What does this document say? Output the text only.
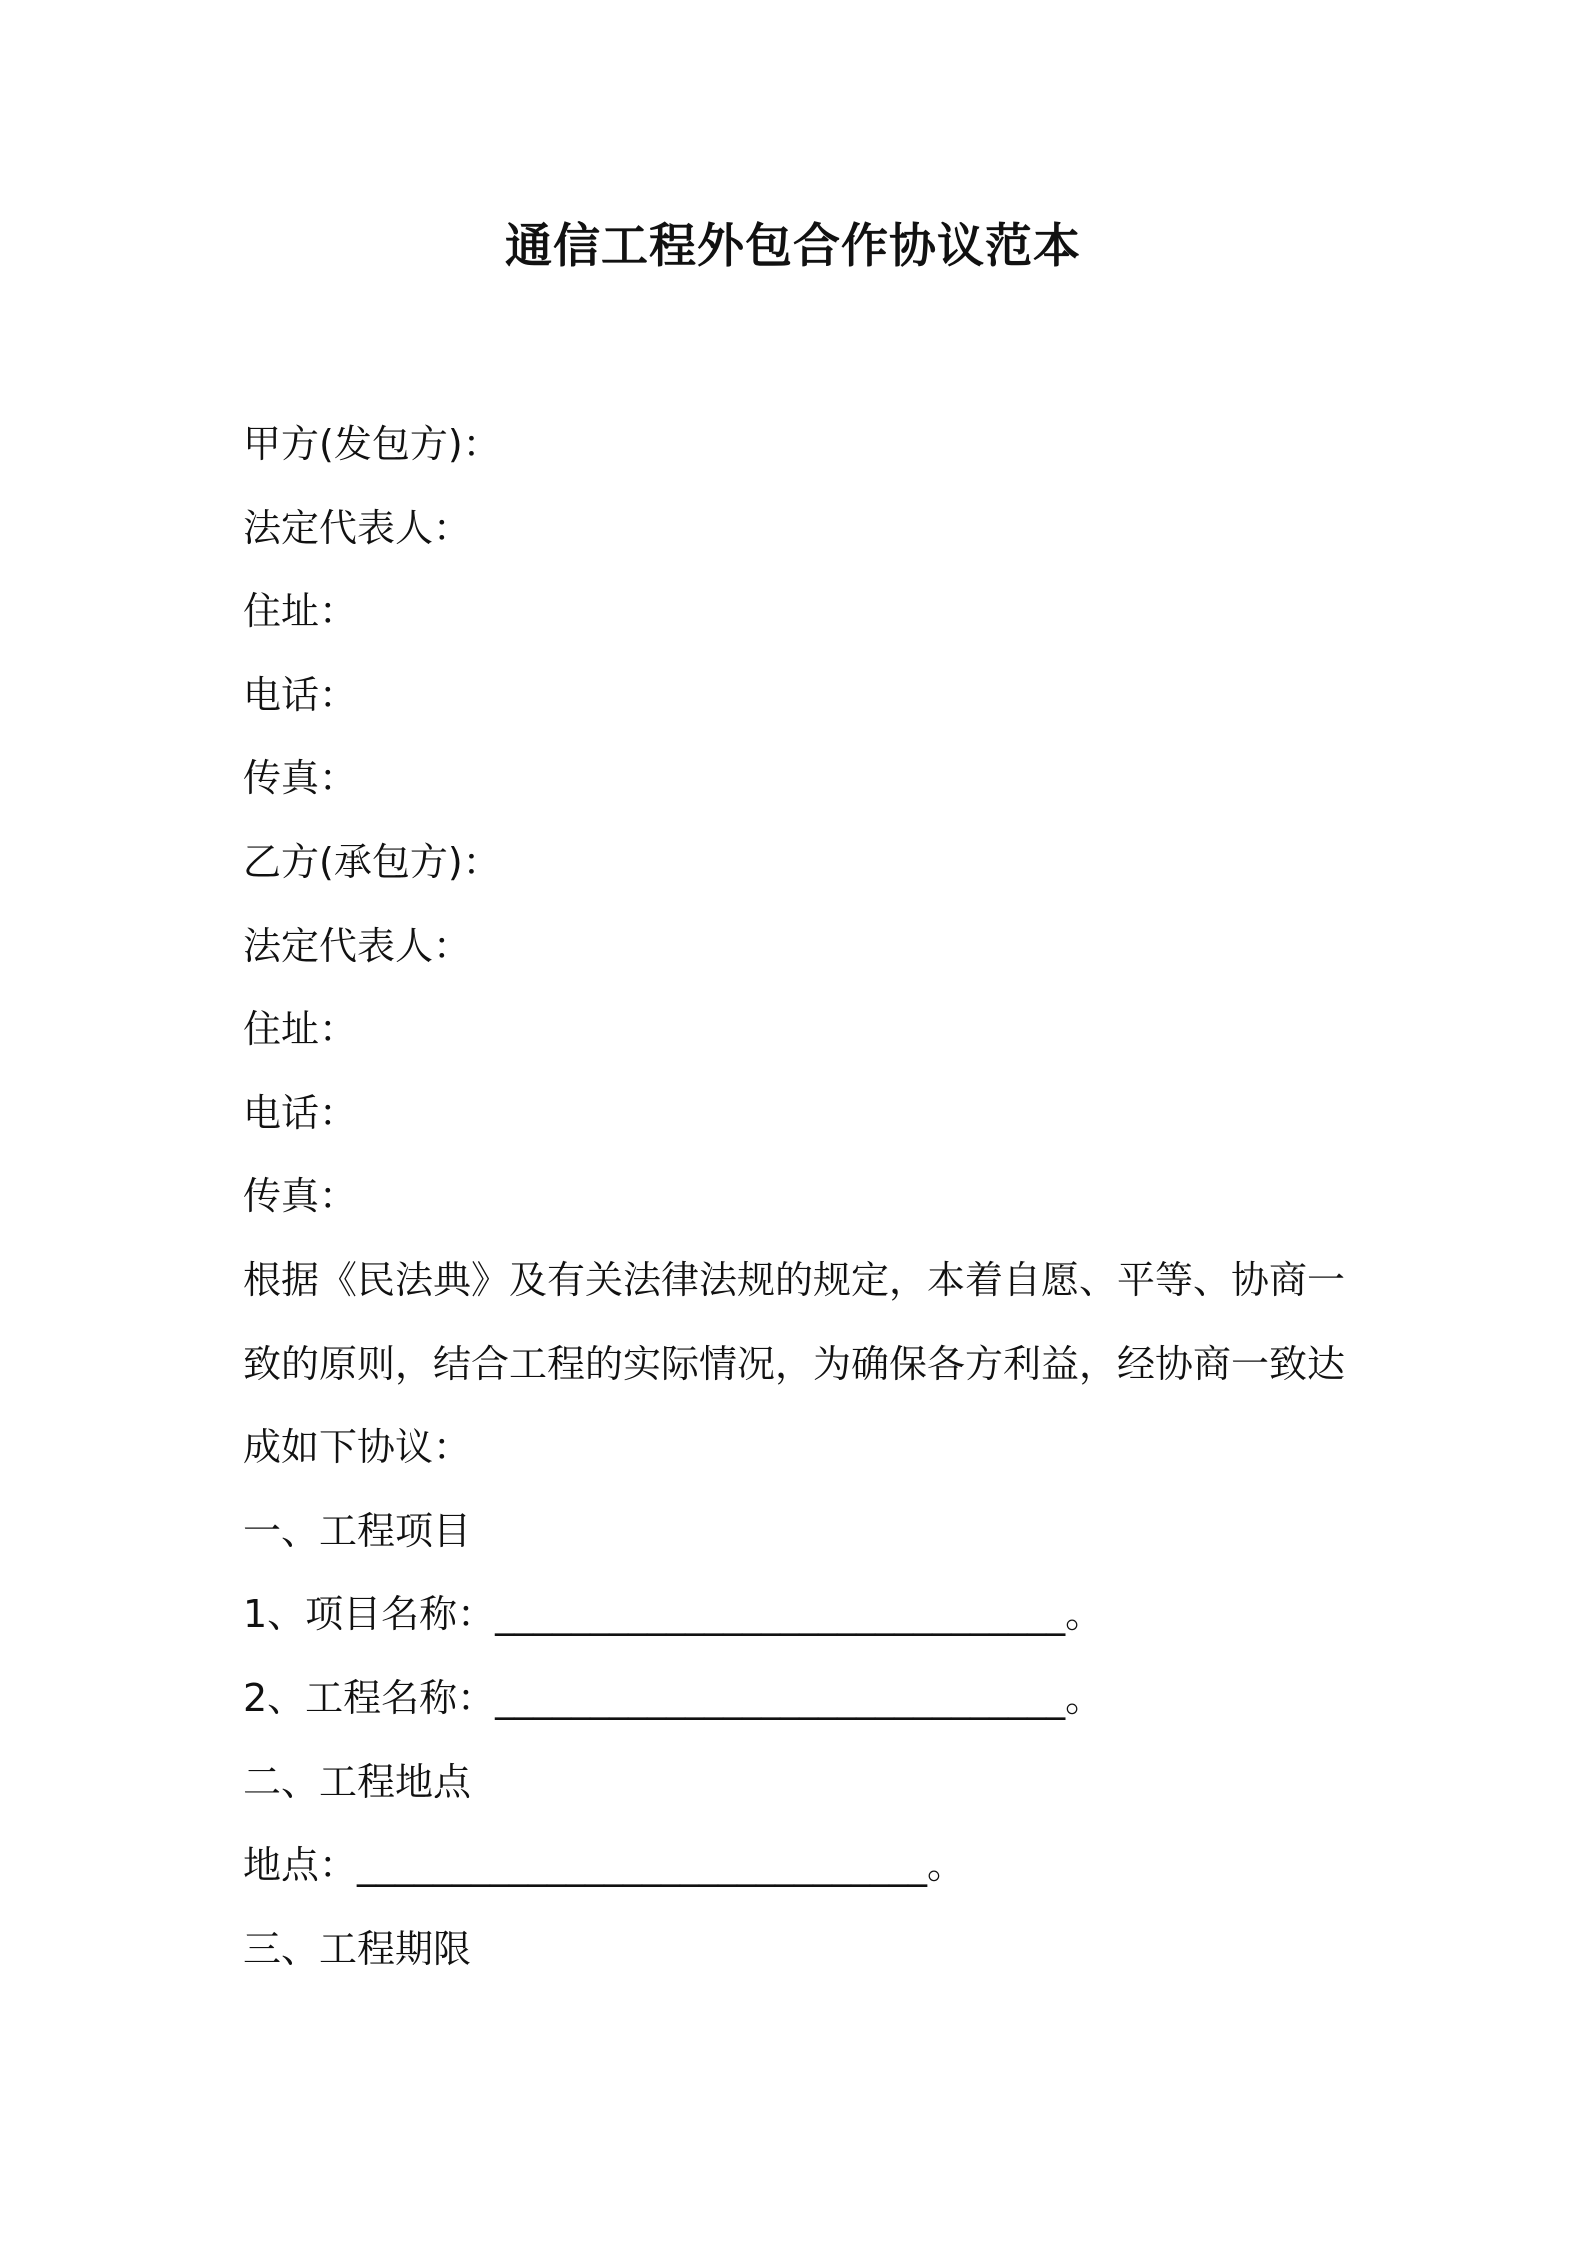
通信工程外包合作协议范本

甲方(发包方)：

法定代表人：

住址：

电话：

传真：

乙方(承包方)：

法定代表人：

住址：

电话：

传真：

根据《民法典》及有关法律法规的规定，本着自愿、平等、协商一致的原则，结合工程的实际情况，为确保各方利益，经协商一致达成如下协议：

一、工程项目

1、项目名称：______________________________。

2、工程名称：______________________________。

二、工程地点

地点：______________________________。

三、工程期限
